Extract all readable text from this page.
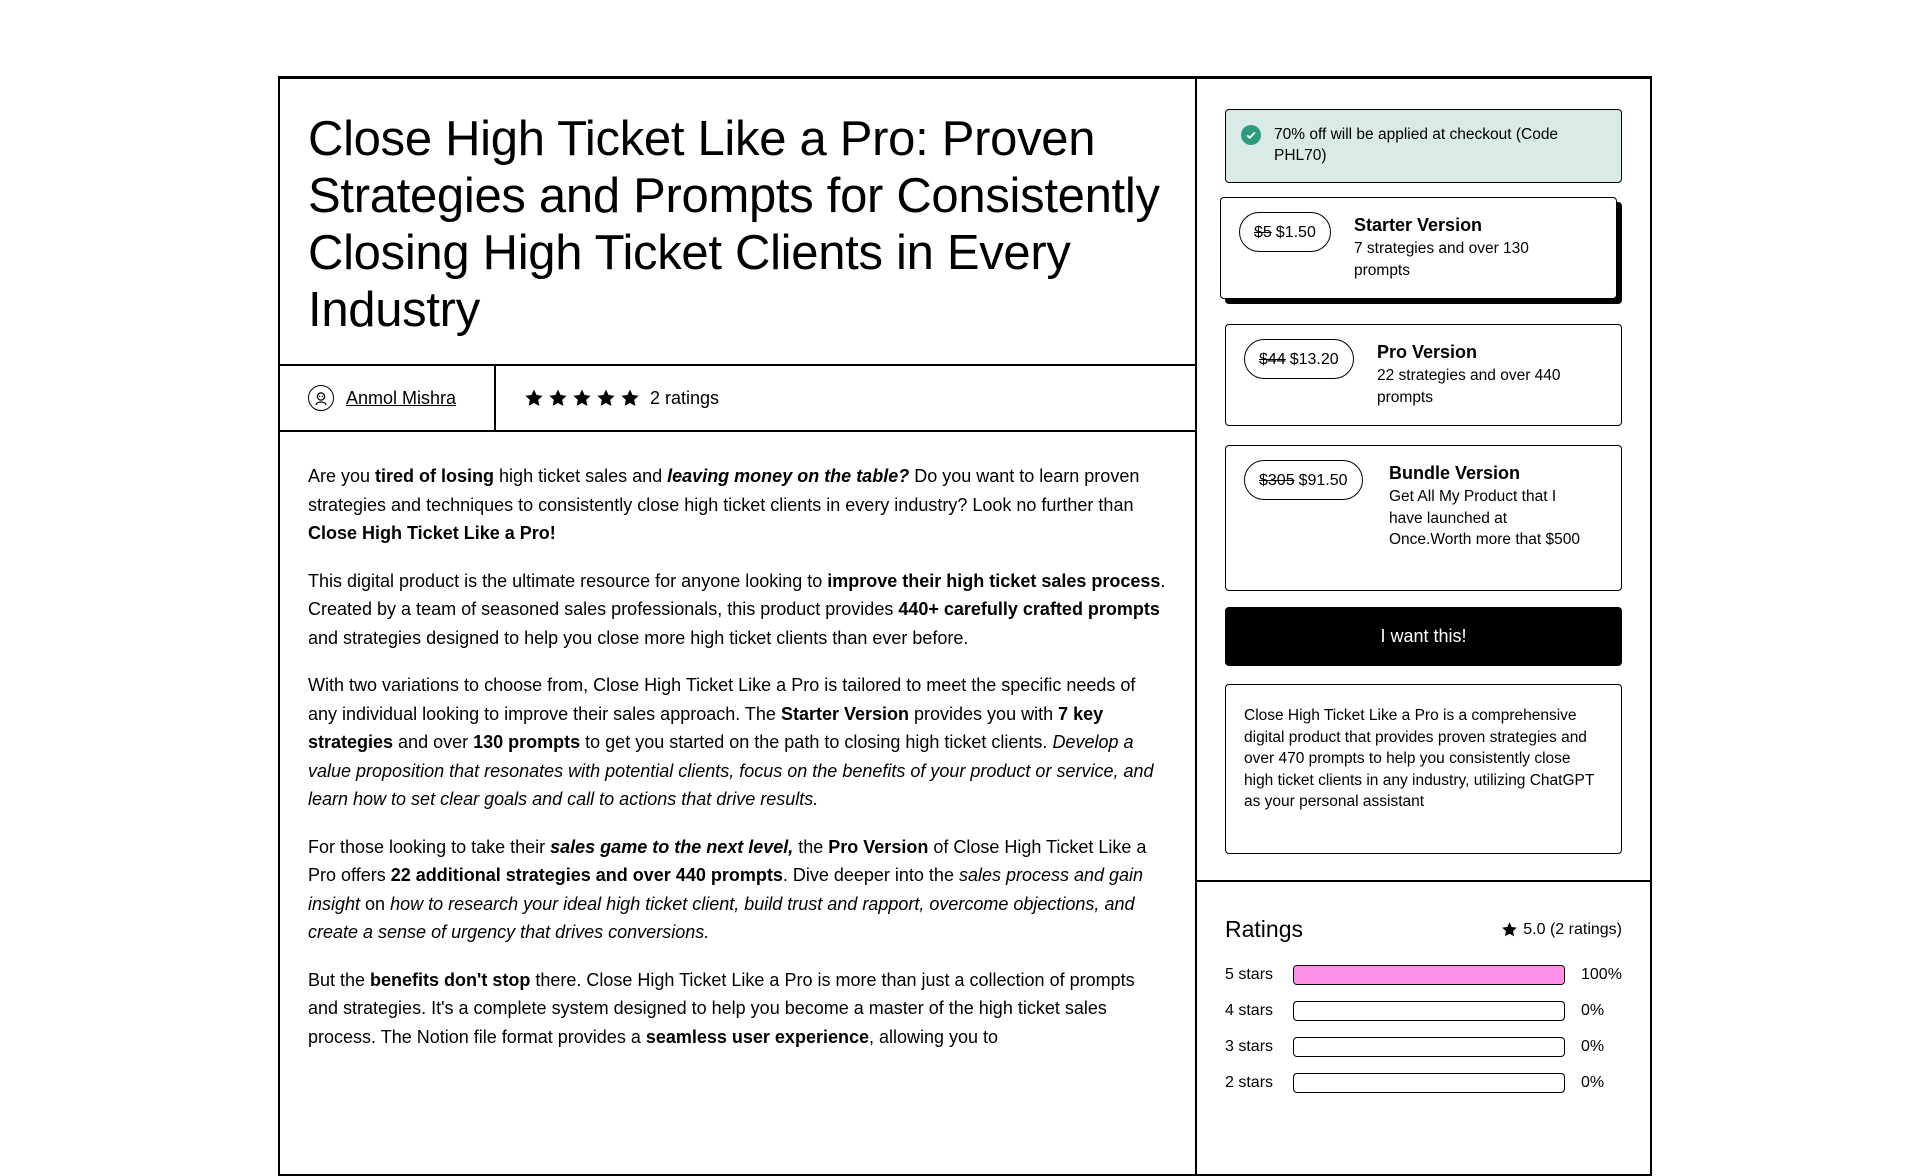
Close High Ticket Like a Pro: Proven Strategies and Prompts for Consistently Closing High Ticket Clients in Every Industry
Anmol Mishra	2 ratings

Are you tired of losing high ticket sales and leaving money on the table? Do you want to learn proven strategies and techniques to consistently close high ticket clients in every industry? Look no further than Close High Ticket Like a Pro!

This digital product is the ultimate resource for anyone looking to improve their high ticket sales process. Created by a team of seasoned sales professionals, this product provides 440+ carefully crafted prompts and strategies designed to help you close more high ticket clients than ever before.

With two variations to choose from, Close High Ticket Like a Pro is tailored to meet the specific needs of any individual looking to improve their sales approach. The Starter Version provides you with 7 key strategies and over 130 prompts to get you started on the path to closing high ticket clients. Develop a value proposition that resonates with potential clients, focus on the benefits of your product or service, and learn how to set clear goals and call to actions that drive results.

For those looking to take their sales game to the next level, the Pro Version of Close High Ticket Like a Pro offers 22 additional strategies and over 440 prompts. Dive deeper into the sales process and gain insight on how to research your ideal high ticket client, build trust and rapport, overcome objections, and create a sense of urgency that drives conversions.

But the benefits don't stop there. Close High Ticket Like a Pro is more than just a collection of prompts and strategies. It's a complete system designed to help you become a master of the high ticket sales process. The Notion file format provides a seamless user experience, allowing you to

70% off will be applied at checkout (Code PHL70)
$5 $1.50	Starter Version
7 strategies and over 130 prompts
$44 $13.20	Pro Version
22 strategies and over 440 prompts
$305 $91.50	Bundle Version
Get All My Product that I have launched at Once.Worth more that $500
I want this!
Close High Ticket Like a Pro is a comprehensive digital product that provides proven strategies and over 470 prompts to help you consistently close high ticket clients in any industry, utilizing ChatGPT as your personal assistant
Ratings	5.0 (2 ratings)
5 stars	100%
4 stars	0%
3 stars	0%
2 stars	0%
